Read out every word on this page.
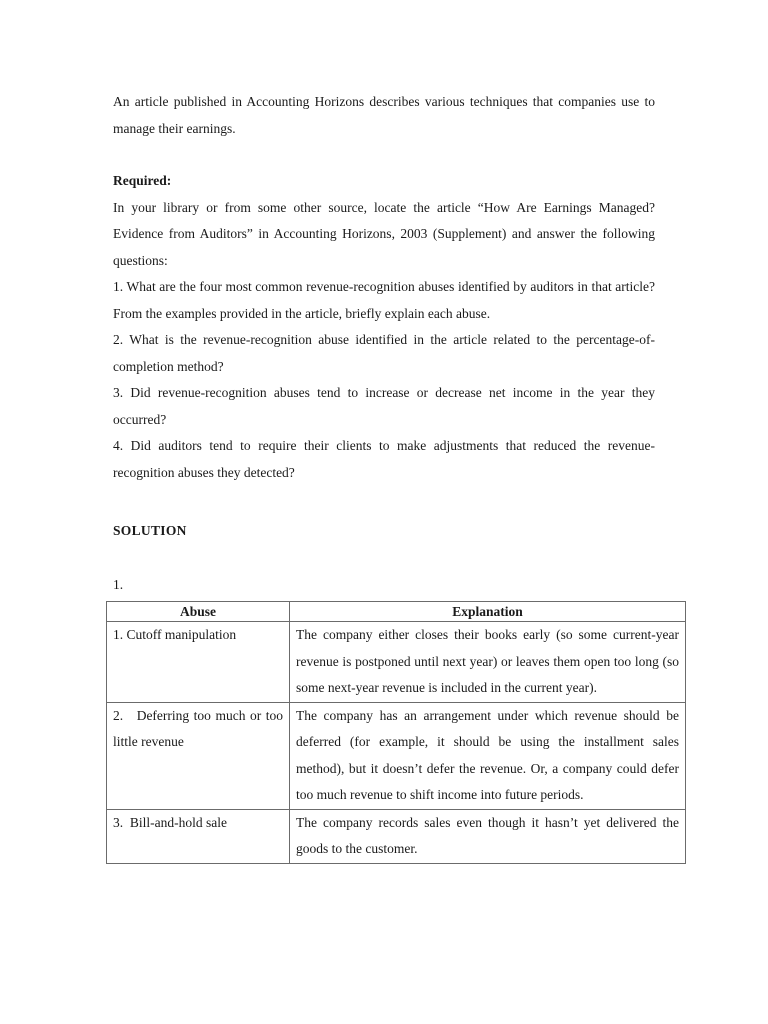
An article published in Accounting Horizons describes various techniques that companies use to manage their earnings.

Required:

In your library or from some other source, locate the article “How Are Earnings Managed? Evidence from Auditors” in Accounting Horizons, 2003 (Supplement) and answer the following questions:

1. What are the four most common revenue-recognition abuses identified by auditors in that article? From the examples provided in the article, briefly explain each abuse.

2. What is the revenue-recognition abuse identified in the article related to the percentage-of-completion method?

3. Did revenue-recognition abuses tend to increase or decrease net income in the year they occurred?

4. Did auditors tend to require their clients to make adjustments that reduced the revenue-recognition abuses they detected?

SOLUTION

1.

Abuse	Explanation
1. Cutoff manipulation	The company either closes their books early (so some current-year revenue is postponed until next year) or leaves them open too long (so some next-year revenue is included in the current year).
2.   Deferring too much or too little revenue	The company has an arrangement under which revenue should be deferred (for example, it should be using the installment sales method), but it doesn’t defer the revenue. Or, a company could defer too much revenue to shift income into future periods.
3.  Bill-and-hold sale	The company records sales even though it hasn’t yet delivered the goods to the customer.
